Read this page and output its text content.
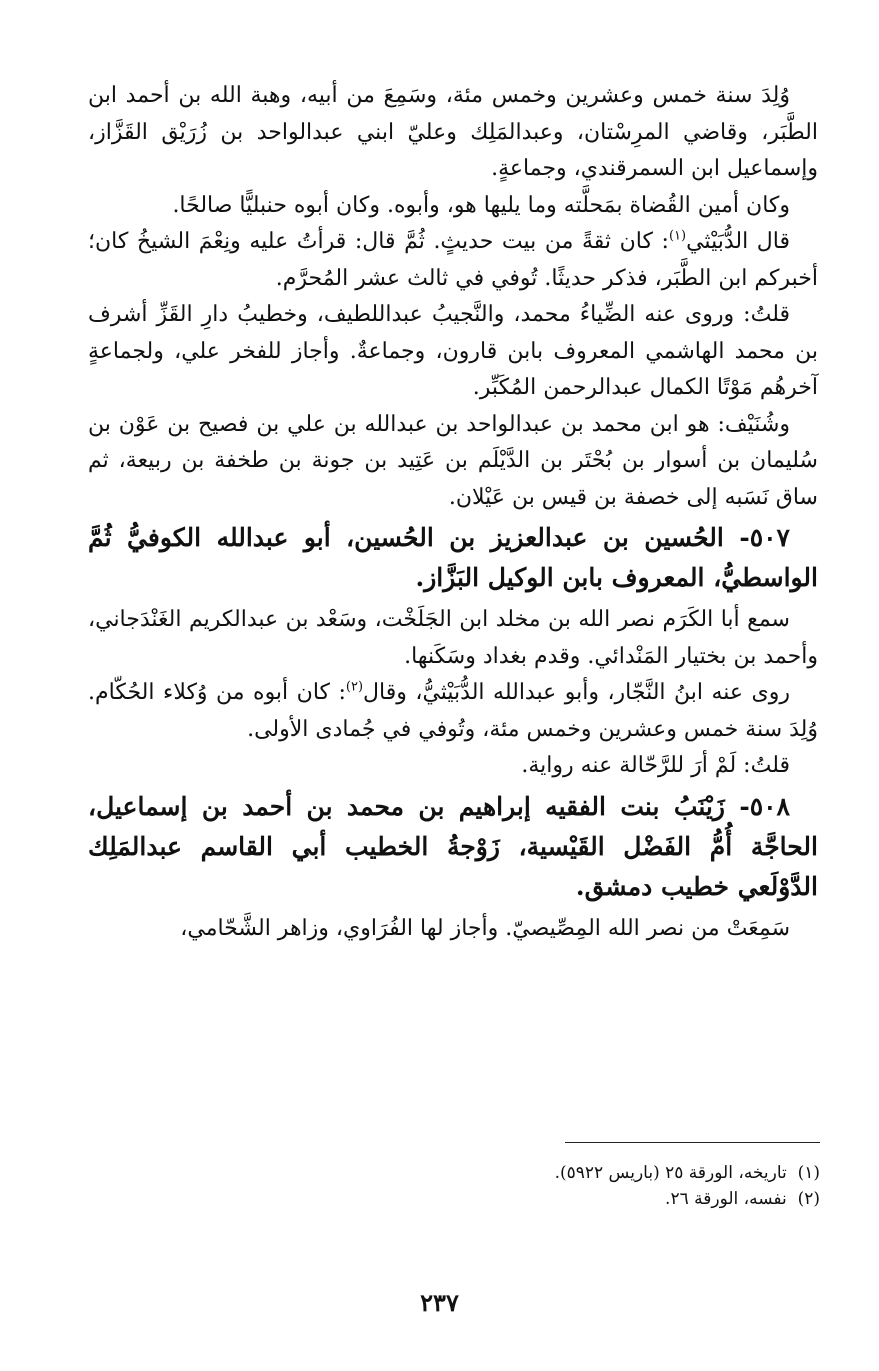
وُلِدَ سنة خمس وعشرين وخمس مئة، وسَمِعَ من أبيه، وهبة الله بن أحمد ابن الطَّبَر، وقاضي المرِسْتان، وعبدالمَلِك وعليّ ابني عبدالواحد بن زُرَيْق القَزَّاز، وإسماعيل ابن السمرقندي، وجماعةٍ.

وكان أمين القُضاة بمَحلَّته وما يليها هو، وأبوه. وكان أبوه حنبليًّا صالحًا.

قال الدُّبَيْثي$^{(١)}$: كان ثقةً من بيت حديثٍ. ثُمَّ قال: قرأتُ عليه ونِعْمَ الشيخُ كان؛ أخبركم ابن الطَّبَر، فذكر حديثًا. تُوفي في ثالث عشر المُحرَّم.

قلتُ: وروى عنه الضِّياءُ محمد، والنَّجيبُ عبداللطيف، وخطيبُ دارِ القَزِّ أشرف بن محمد الهاشمي المعروف بابن قارون، وجماعةٌ. وأجاز للفخر علي، ولجماعةٍ آخرهُم مَوْتًا الكمال عبدالرحمن المُكَبِّر.

وشُنَيْف: هو ابن محمد بن عبدالواحد بن عبدالله بن علي بن فصيح بن عَوْن بن سُليمان بن أسوار بن بُحْتَر بن الدَّيْلَم بن عَتِيد بن جونة بن طخفة بن ربيعة، ثم ساق نَسَبه إلى خصفة بن قيس بن عَيْلان.

٥٠٧- الحُسين بن عبدالعزيز بن الحُسين، أبو عبدالله الكوفيُّ ثُمَّ الواسطيُّ، المعروف بابن الوكيل البَزَّاز.

سمع أبا الكَرَم نصر الله بن مخلد ابن الجَلَخْت، وسَعْد بن عبدالكريم الغَنْدَجاني، وأحمد بن بختيار المَنْدائي. وقدم بغداد وسَكَنها.

روى عنه ابنُ النَّجّار، وأبو عبدالله الدُّبَيْثيُّ، وقال$^{(٢)}$: كان أبوه من وُكلاء الحُكّام. وُلِدَ سنة خمس وعشرين وخمس مئة، وتُوفي في جُمادى الأولى.

قلتُ: لَمْ أرَ للرَّحّالة عنه رواية.

٥٠٨- زَيْنَبُ بنت الفقيه إبراهيم بن محمد بن أحمد بن إسماعيل، الحاجَّة أُمُّ الفَضْل القَيْسية، زَوْجةُ الخطيب أبي القاسم عبدالمَلِك الدَّوْلَعي خطيب دمشق.

سَمِعَتْ من نصر الله المِصِّيصيّ. وأجاز لها الفُرَاوي، وزاهر الشَّحّامي،

(١)  تاريخه، الورقة ٢٥ (باريس ٥٩٢٢).

(٢)  نفسه، الورقة ٢٦.

٢٣٧
